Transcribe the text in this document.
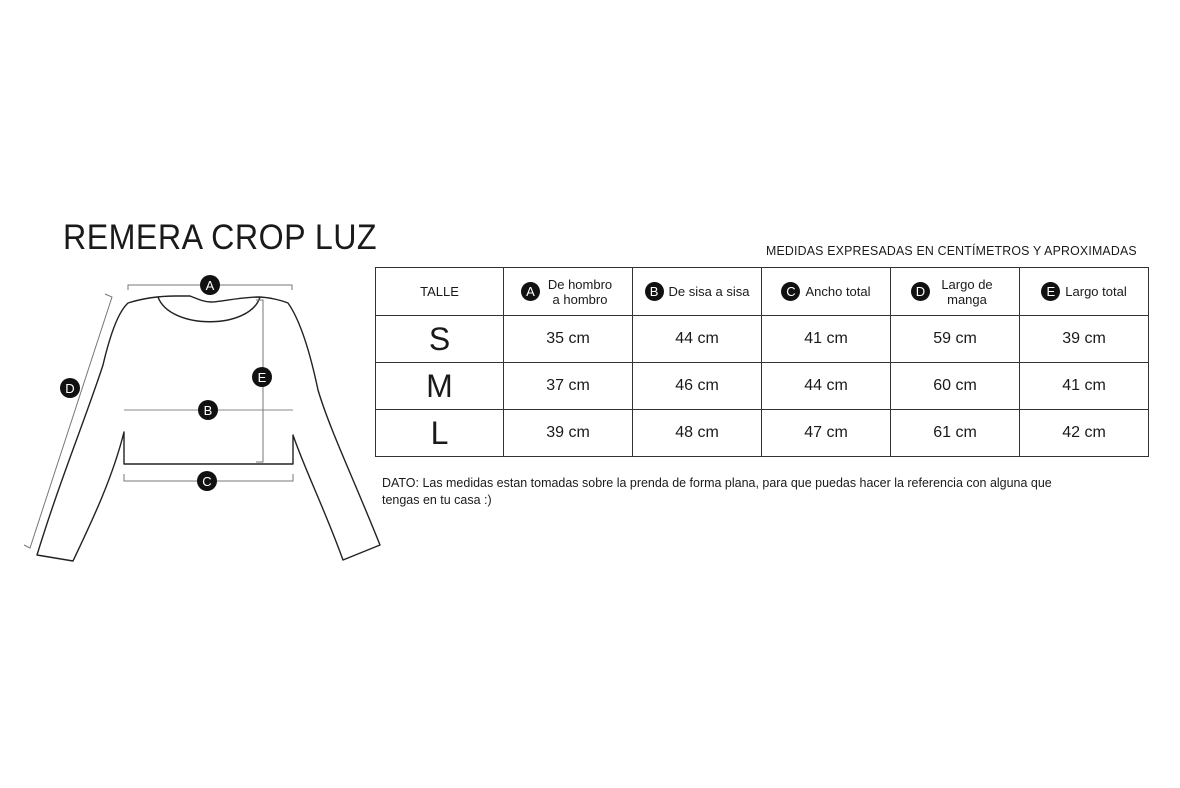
REMERA CROP LUZ	MEDIDAS EXPRESADAS EN CENTÍMETROS Y APROXIMADAS
A
B
C
D
E
TALLE	A De hombro a hombro	B De sisa a sisa	C Ancho total	D Largo de manga	E Largo total

S	35 cm	44 cm	41 cm	59 cm	39 cm
M	37 cm	46 cm	44 cm	60 cm	41 cm
L	39 cm	48 cm	47 cm	61 cm	42 cm
DATO: Las medidas estan tomadas sobre la prenda de forma plana, para que puedas hacer la referencia con alguna que tengas en tu casa :)
